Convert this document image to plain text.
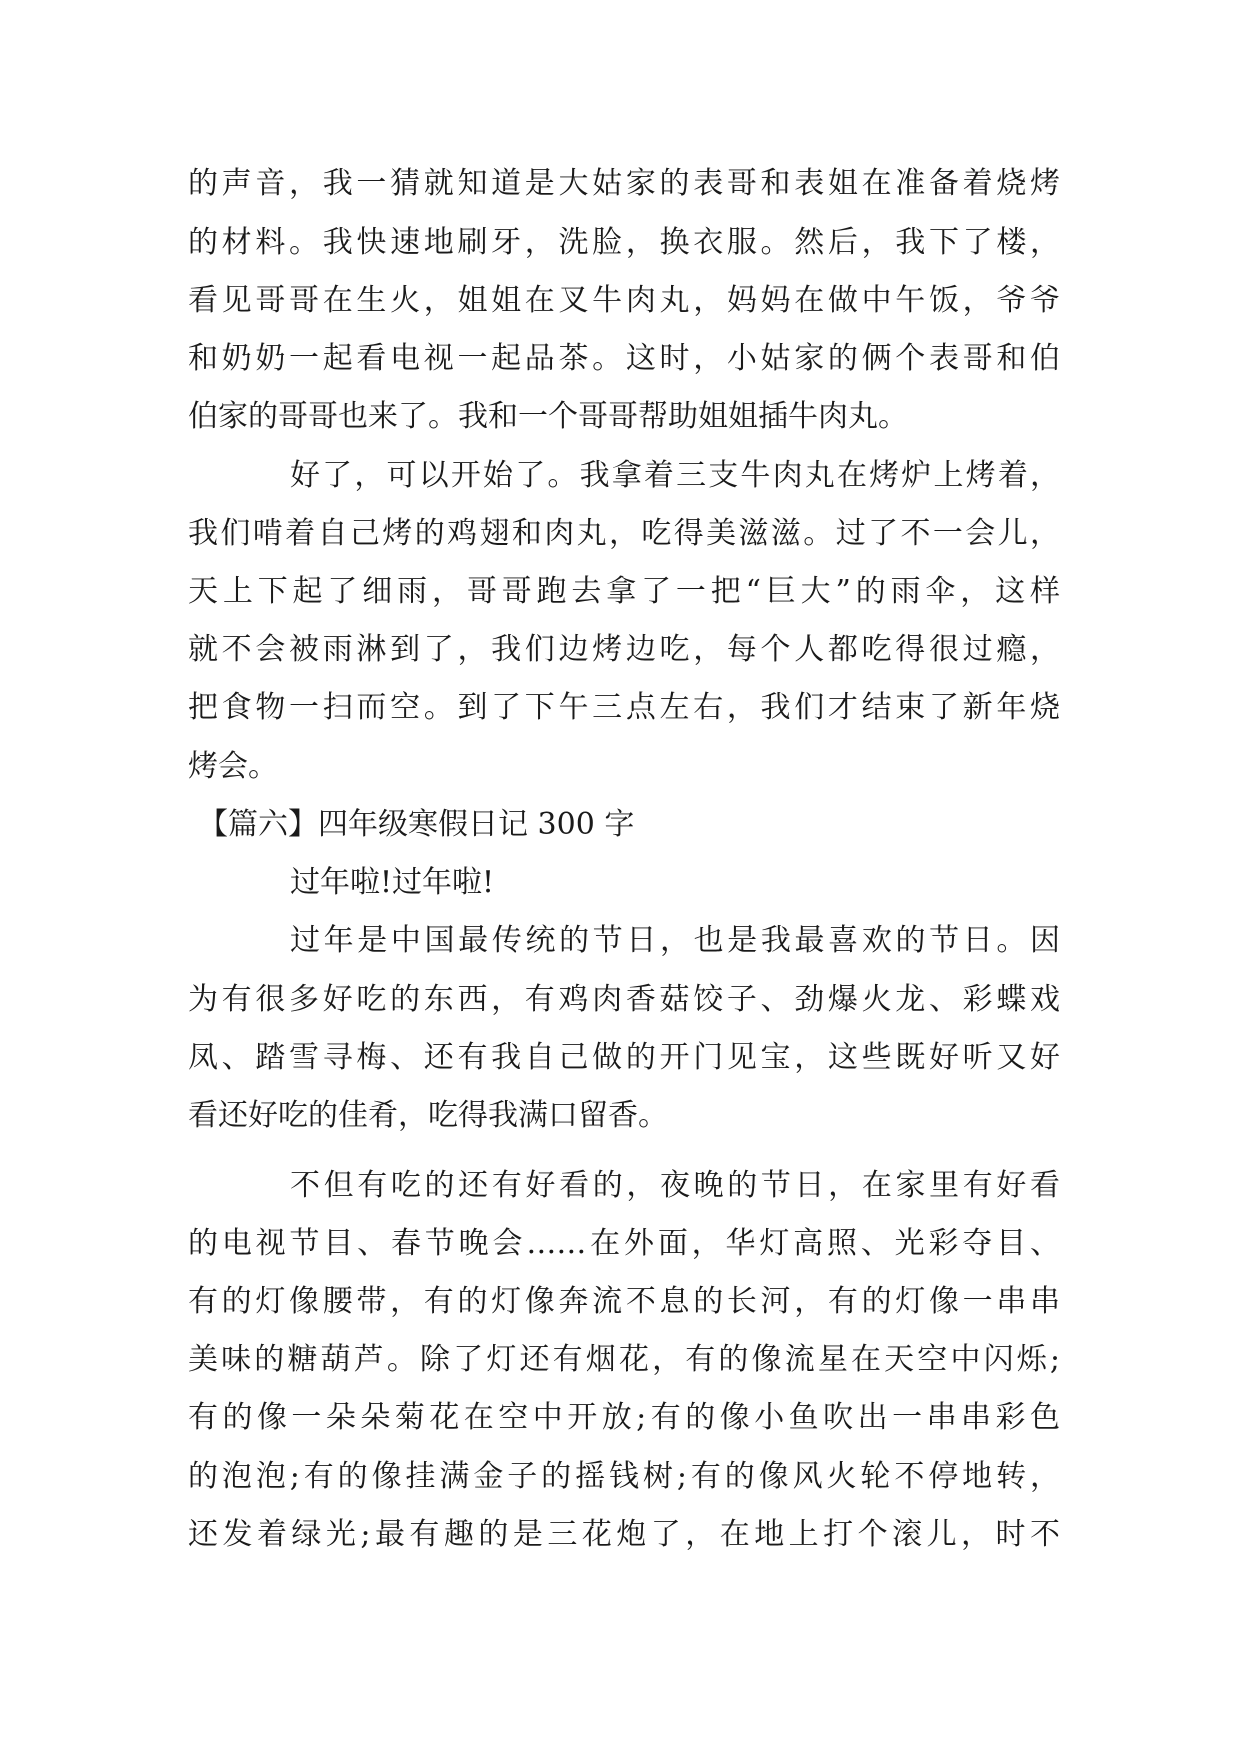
的声音，我一猜就知道是大姑家的表哥和表姐在准备着烧烤
的材料。我快速地刷牙，洗脸，换衣服。然后，我下了楼，
看见哥哥在生火，姐姐在叉牛肉丸，妈妈在做中午饭，爷爷
和奶奶一起看电视一起品茶。这时，小姑家的俩个表哥和伯
伯家的哥哥也来了。我和一个哥哥帮助姐姐插牛肉丸。
好了，可以开始了。我拿着三支牛肉丸在烤炉上烤着，
我们啃着自己烤的鸡翅和肉丸，吃得美滋滋。过了不一会儿，
天上下起了细雨，哥哥跑去拿了一把“巨大”的雨伞，这样
就不会被雨淋到了，我们边烤边吃，每个人都吃得很过瘾，
把食物一扫而空。到了下午三点左右，我们才结束了新年烧
烤会。
【篇六】四年级寒假日记 300 字
过年啦!过年啦!
过年是中国最传统的节日，也是我最喜欢的节日。因
为有很多好吃的东西，有鸡肉香菇饺子、劲爆火龙、彩蝶戏
凤、踏雪寻梅、还有我自己做的开门见宝，这些既好听又好
看还好吃的佳肴，吃得我满口留香。
不但有吃的还有好看的，夜晚的节日，在家里有好看
的电视节目、春节晚会……在外面，华灯高照、光彩夺目、
有的灯像腰带，有的灯像奔流不息的长河，有的灯像一串串
美味的糖葫芦。除了灯还有烟花，有的像流星在天空中闪烁;
有的像一朵朵菊花在空中开放;有的像小鱼吹出一串串彩色
的泡泡;有的像挂满金子的摇钱树;有的像风火轮不停地转，
还发着绿光;最有趣的是三花炮了，在地上打个滚儿，时不
